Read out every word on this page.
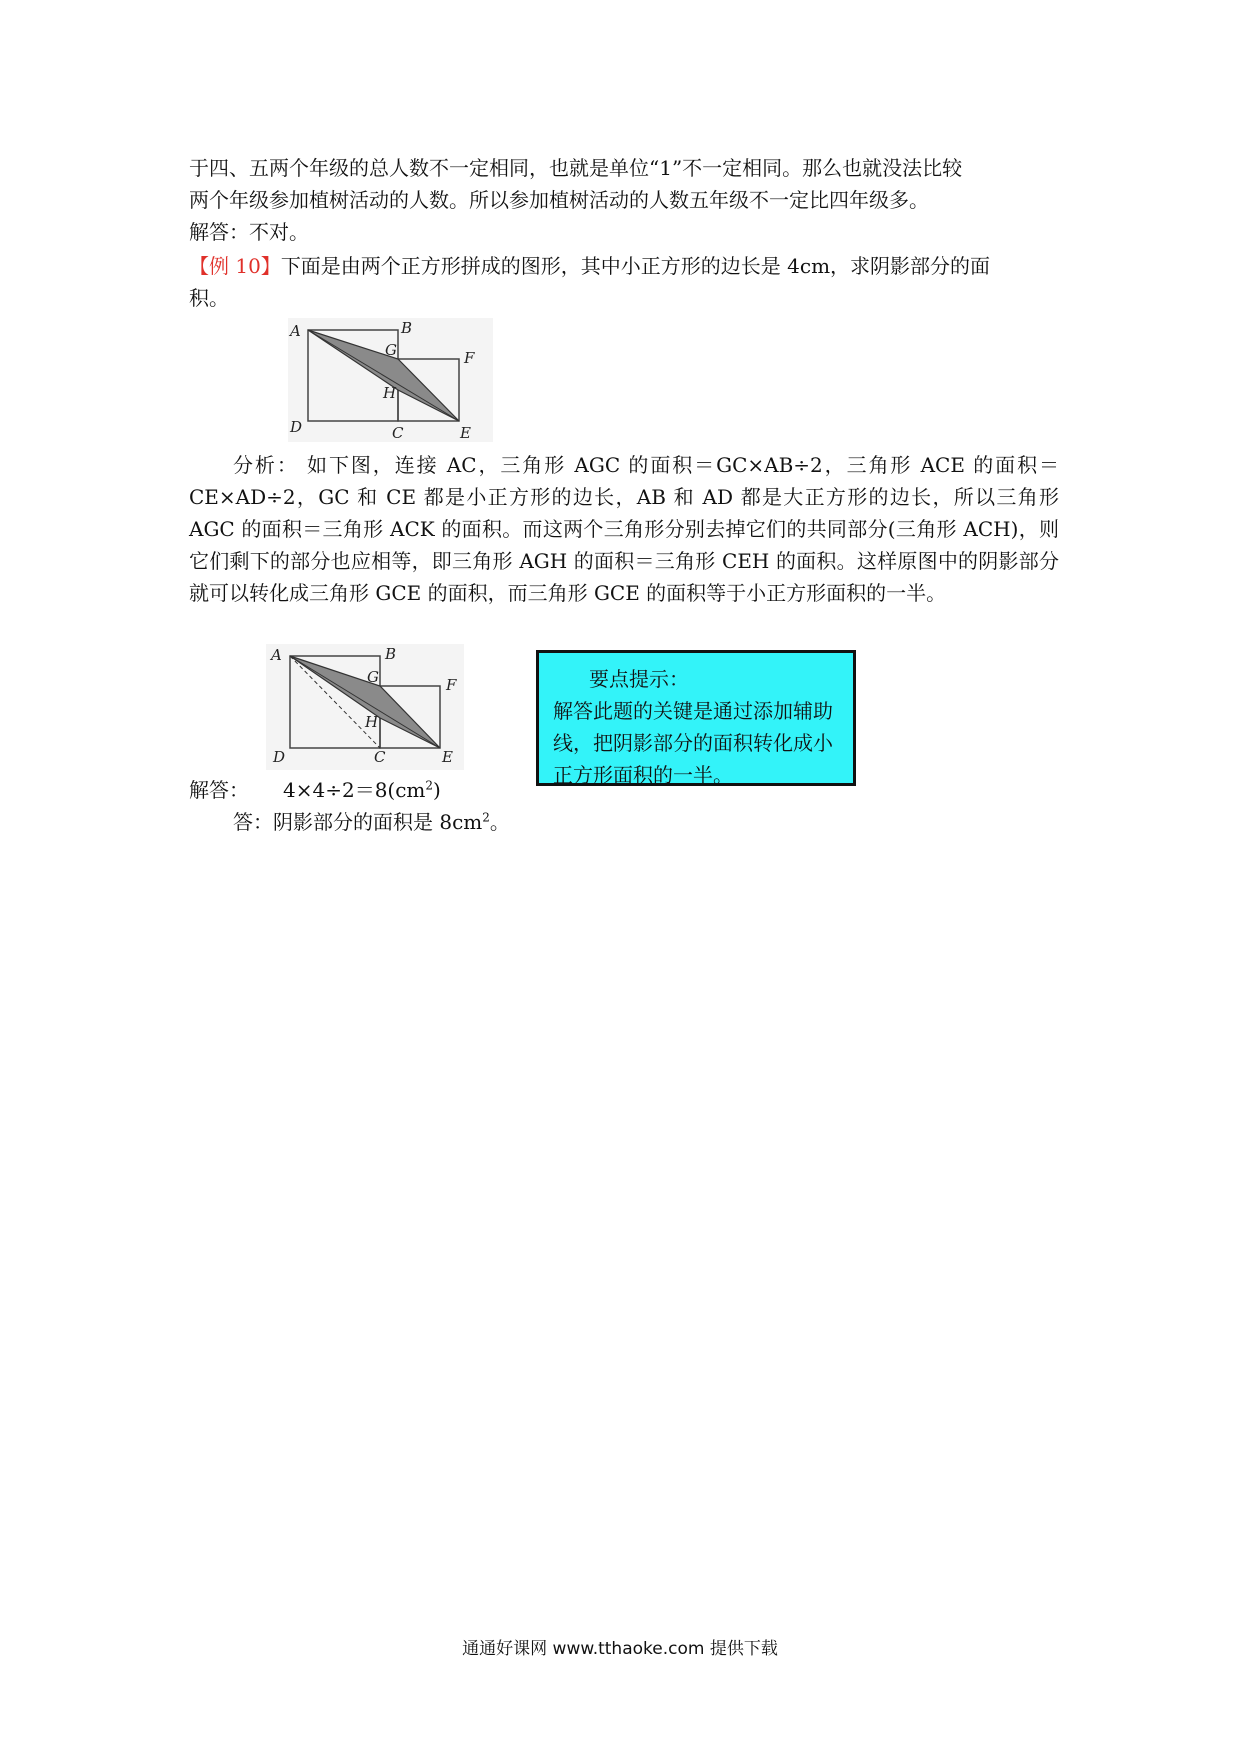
于四、五两个年级的总人数不一定相同，也就是单位“1”不一定相同。那么也就没法比较

两个年级参加植树活动的人数。所以参加植树活动的人数五年级不一定比四年级多。

解答：不对。

【例 10】下面是由两个正方形拼成的图形，其中小正方形的边长是 4cm，求阴影部分的面

积。

A	B
G	F
H
D	C	E

分析： 如下图，连接 AC，三角形 AGC 的面积＝GC×AB÷2，三角形 ACE 的面积＝CE×AD÷2，GC 和 CE 都是小正方形的边长，AB 和 AD 都是大正方形的边长，所以三角形 AGC 的面积＝三角形 ACK 的面积。而这两个三角形分别去掉它们的共同部分(三角形 ACH)，则它们剩下的部分也应相等，即三角形 AGH 的面积＝三角形 CEH 的面积。这样原图中的阴影部分就可以转化成三角形 GCE 的面积，而三角形 GCE 的面积等于小正方形面积的一半。

A	B
G	F
H
D	C	E
要点提示：
解答此题的关键是通过添加辅助线，把阴影部分的面积转化成小正方形面积的一半。

解答： $4\times 4\div 2=8(cm^2)$

答：阴影部分的面积是 $8cm^2$。

通通好课网 www.tthaoke.com 提供下载
